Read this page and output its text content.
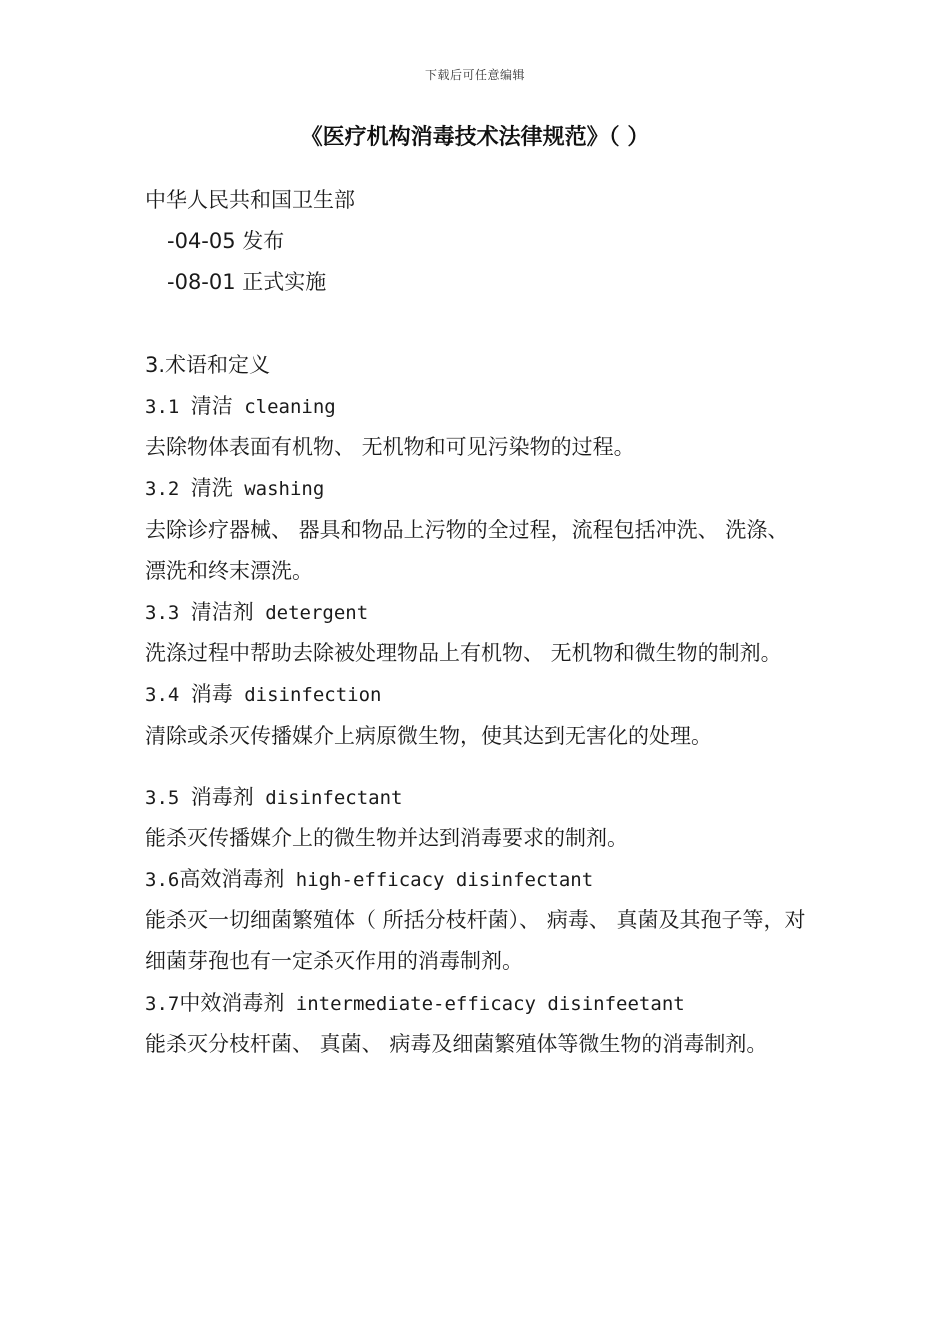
下载后可任意编辑
《医疗机构消毒技术法律规范》（ ）
中华人民共和国卫生部
-04-05 发布
-08-01 正式实施
3.术语和定义
3.1 清洁 cleaning
去除物体表面有机物、 无机物和可见污染物的过程。
3.2 清洗 washing
去除诊疗器械、 器具和物品上污物的全过程，流程包括冲洗、 洗涤、 漂洗和终末漂洗。
3.3 清洁剂 detergent
洗涤过程中帮助去除被处理物品上有机物、 无机物和微生物的制剂。
3.4 消毒 disinfection
清除或杀灭传播媒介上病原微生物，使其达到无害化的处理。
3.5 消毒剂 disinfectant
能杀灭传播媒介上的微生物并达到消毒要求的制剂。
3.6高效消毒剂 high-efficacy disinfectant
能杀灭一切细菌繁殖体（ 所括分枝杆菌）、 病毒、 真菌及其孢子等，对细菌芽孢也有一定杀灭作用的消毒制剂。
3.7中效消毒剂 intermediate-efficacy disinfeetant
能杀灭分枝杆菌、 真菌、 病毒及细菌繁殖体等微生物的消毒制剂。
